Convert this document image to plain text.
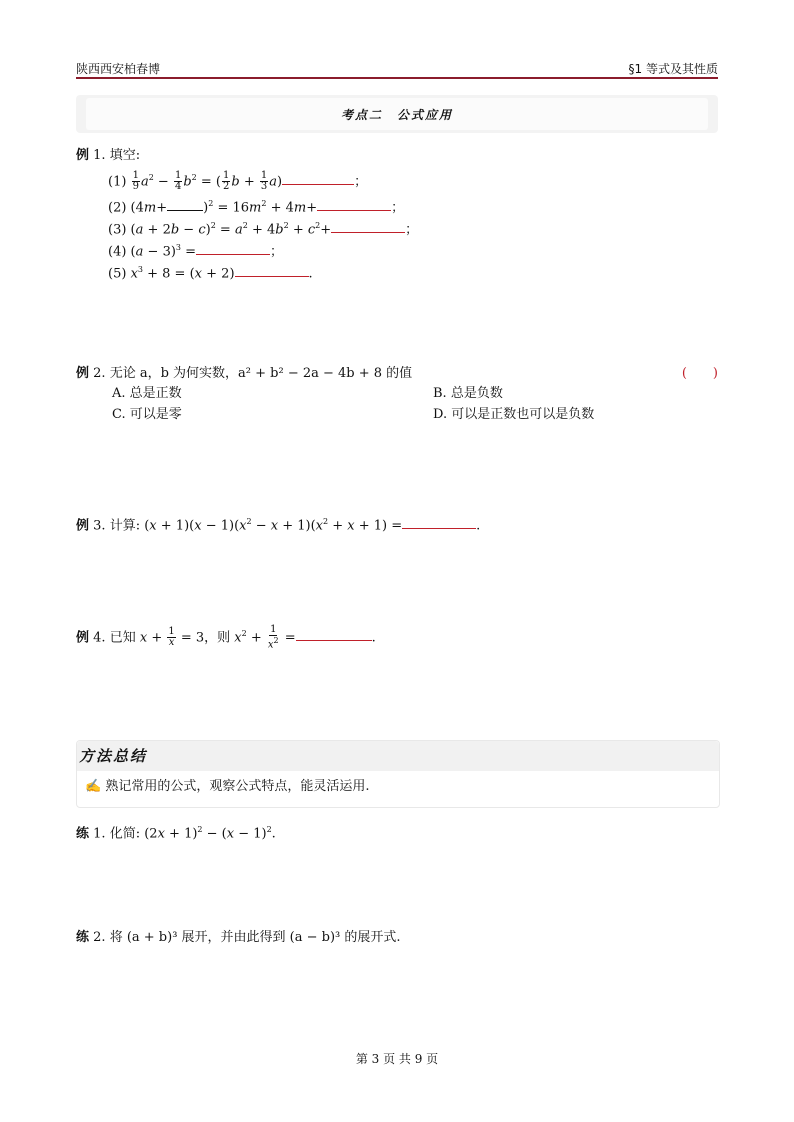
陕西西安柏春博	§1 等式及其性质
考点二　公式应用
例 1. 填空:
$(1) \frac{1}{9} a^2 - \frac{1}{4} b^2$ = ( $\frac{1}{2}$ $b + \frac{1}{3} a$)	；
(2) (4m+	)$^2 = 16m^2 + 4m+$	；
(3) $(a + 2b - c)^2 = a^2 + 4b^2 + c^2+$	；
(4) $(a - 3)^3$ =	；
(5) $x^3 + 8 = (x + 2)$	.
例 2. 无论 a，b 为何实数，a² + b² − 2a − 4b + 8 的值	(　　)
A. 总是正数	B. 总是负数
C. 可以是零	D. 可以是正数也可以是负数
例 3. 计算: $(x + 1)(x - 1)(x^2 - x + 1)(x^2 + x + 1)$ =	.
例 4. 已知 $x + \frac{1}{x} = 3$，则 $x^2 + \frac{1}{x^2}$ =	.
方法总结
✍ 熟记常用的公式，观察公式特点，能灵活运用.
练 1. 化简: $(2x + 1)^2 - (x - 1)^2$.
练 2. 将 (a + b)³ 展开，并由此得到 (a − b)³ 的展开式.
第 3 页 共 9 页
